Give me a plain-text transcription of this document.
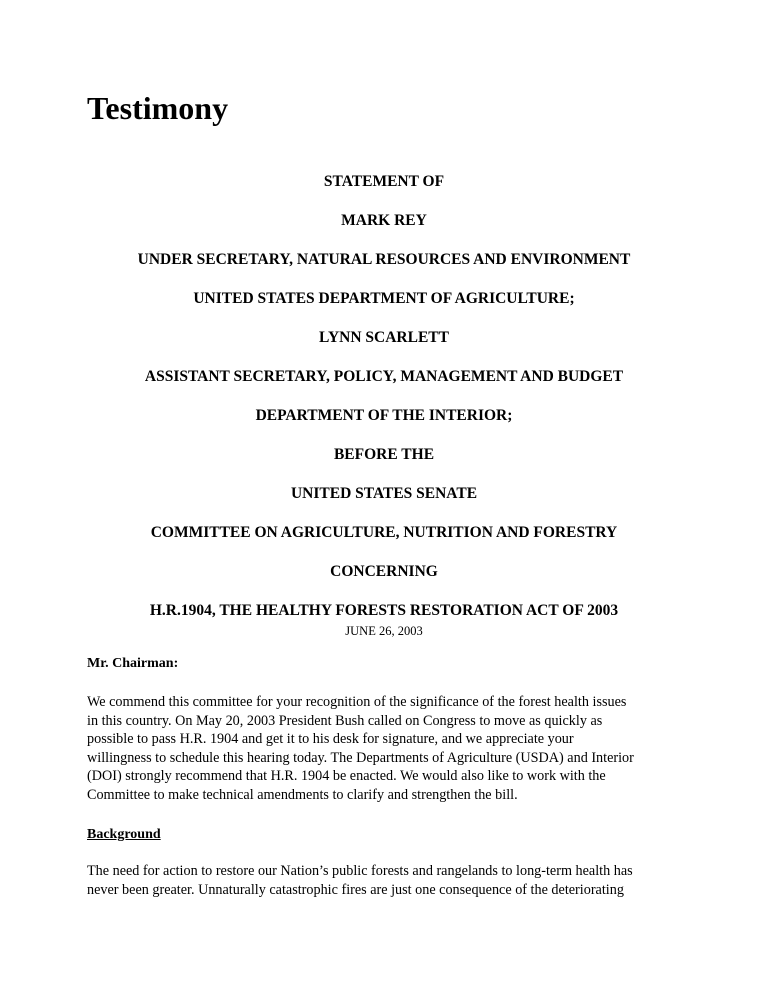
Testimony
STATEMENT OF
MARK REY
UNDER SECRETARY, NATURAL RESOURCES AND ENVIRONMENT
UNITED STATES DEPARTMENT OF AGRICULTURE;
LYNN SCARLETT
ASSISTANT SECRETARY, POLICY, MANAGEMENT AND BUDGET
DEPARTMENT OF THE INTERIOR;
BEFORE THE
UNITED STATES SENATE
COMMITTEE ON AGRICULTURE, NUTRITION AND FORESTRY
CONCERNING
H.R.1904, THE HEALTHY FORESTS RESTORATION ACT OF 2003
JUNE 26, 2003
Mr. Chairman:

We commend this committee for your recognition of the significance of the forest health issues
in this country. On May 20, 2003 President Bush called on Congress to move as quickly as
possible to pass H.R. 1904 and get it to his desk for signature, and we appreciate your
willingness to schedule this hearing today. The Departments of Agriculture (USDA) and Interior
(DOI) strongly recommend that H.R. 1904 be enacted. We would also like to work with the
Committee to make technical amendments to clarify and strengthen the bill.

Background

The need for action to restore our Nation’s public forests and rangelands to long-term health has
never been greater. Unnaturally catastrophic fires are just one consequence of the deteriorating
